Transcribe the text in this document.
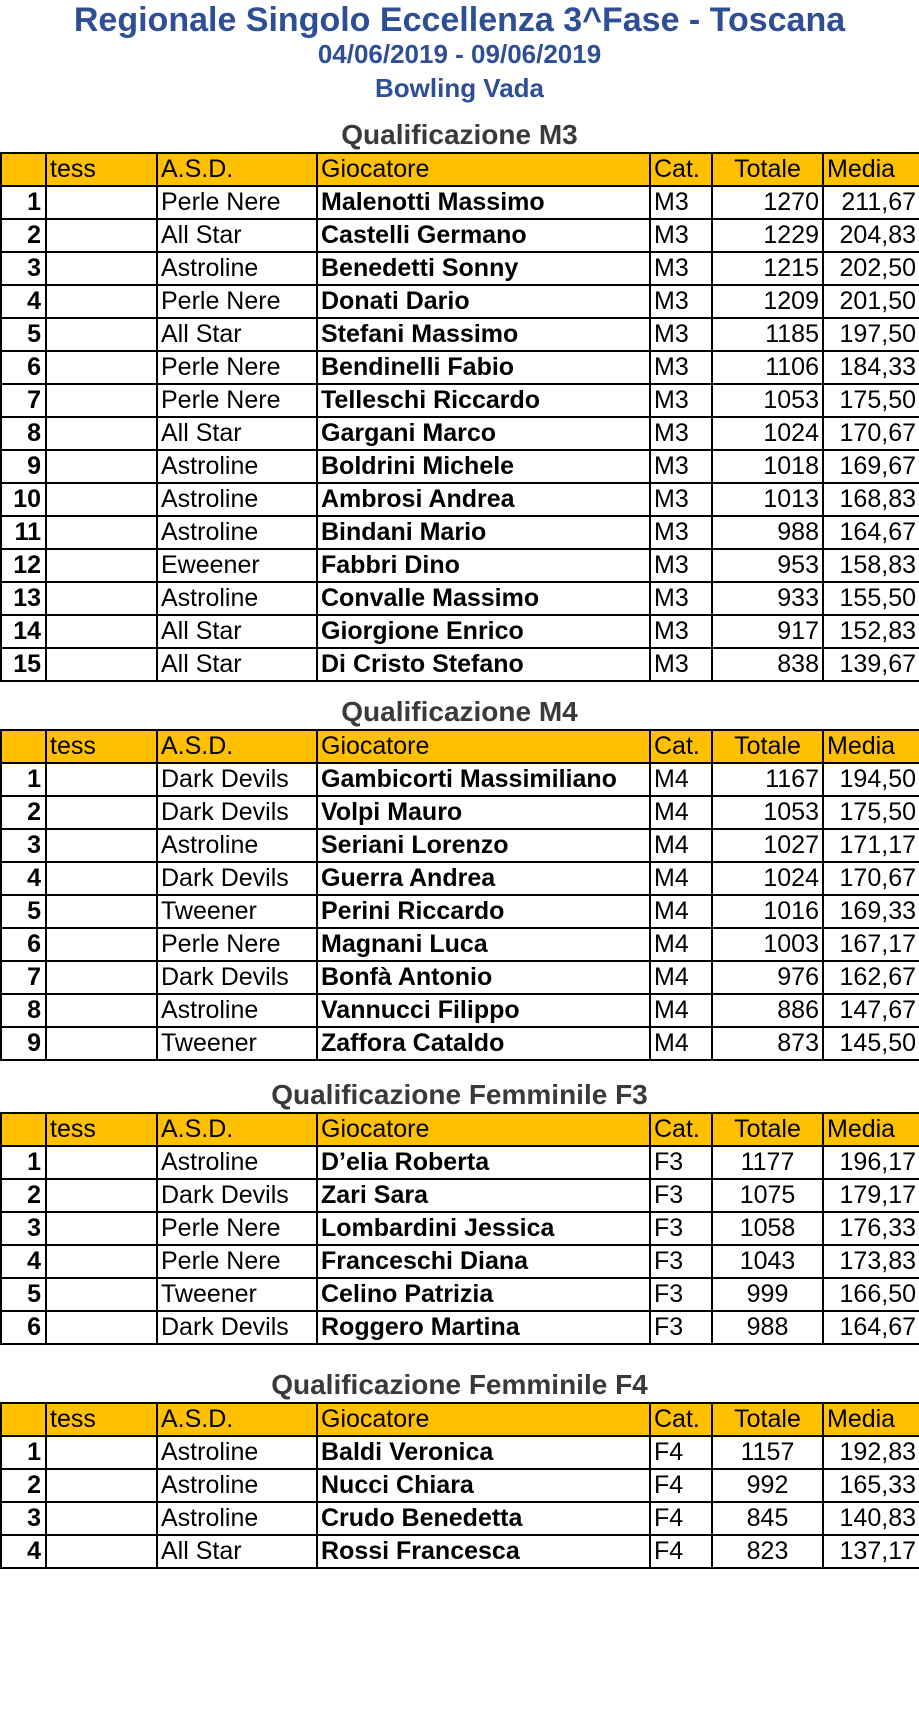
Regionale Singolo Eccellenza 3^Fase - Toscana
04/06/2019 - 09/06/2019
Bowling Vada
Qualificazione M3
	tess	A.S.D.	Giocatore	Cat.	Totale	Media
1		Perle Nere	Malenotti Massimo	M3	1270	211,67
2		All Star	Castelli Germano	M3	1229	204,83
3		Astroline	Benedetti Sonny	M3	1215	202,50
4		Perle Nere	Donati Dario	M3	1209	201,50
5		All Star	Stefani Massimo	M3	1185	197,50
6		Perle Nere	Bendinelli Fabio	M3	1106	184,33
7		Perle Nere	Telleschi Riccardo	M3	1053	175,50
8		All Star	Gargani Marco	M3	1024	170,67
9		Astroline	Boldrini Michele	M3	1018	169,67
10		Astroline	Ambrosi Andrea	M3	1013	168,83
11		Astroline	Bindani Mario	M3	988	164,67
12		Eweener	Fabbri Dino	M3	953	158,83
13		Astroline	Convalle Massimo	M3	933	155,50
14		All Star	Giorgione Enrico	M3	917	152,83
15		All Star	Di Cristo Stefano	M3	838	139,67
Qualificazione M4
	tess	A.S.D.	Giocatore	Cat.	Totale	Media
1		Dark Devils	Gambicorti Massimiliano	M4	1167	194,50
2		Dark Devils	Volpi Mauro	M4	1053	175,50
3		Astroline	Seriani Lorenzo	M4	1027	171,17
4		Dark Devils	Guerra Andrea	M4	1024	170,67
5		Tweener	Perini Riccardo	M4	1016	169,33
6		Perle Nere	Magnani Luca	M4	1003	167,17
7		Dark Devils	Bonfà Antonio	M4	976	162,67
8		Astroline	Vannucci Filippo	M4	886	147,67
9		Tweener	Zaffora Cataldo	M4	873	145,50
Qualificazione Femminile F3
	tess	A.S.D.	Giocatore	Cat.	Totale	Media
1		Astroline	D’elia Roberta	F3	1177	196,17
2		Dark Devils	Zari Sara	F3	1075	179,17
3		Perle Nere	Lombardini Jessica	F3	1058	176,33
4		Perle Nere	Franceschi Diana	F3	1043	173,83
5		Tweener	Celino Patrizia	F3	999	166,50
6		Dark Devils	Roggero Martina	F3	988	164,67
Qualificazione Femminile F4
	tess	A.S.D.	Giocatore	Cat.	Totale	Media
1		Astroline	Baldi Veronica	F4	1157	192,83
2		Astroline	Nucci Chiara	F4	992	165,33
3		Astroline	Crudo Benedetta	F4	845	140,83
4		All Star	Rossi Francesca	F4	823	137,17
